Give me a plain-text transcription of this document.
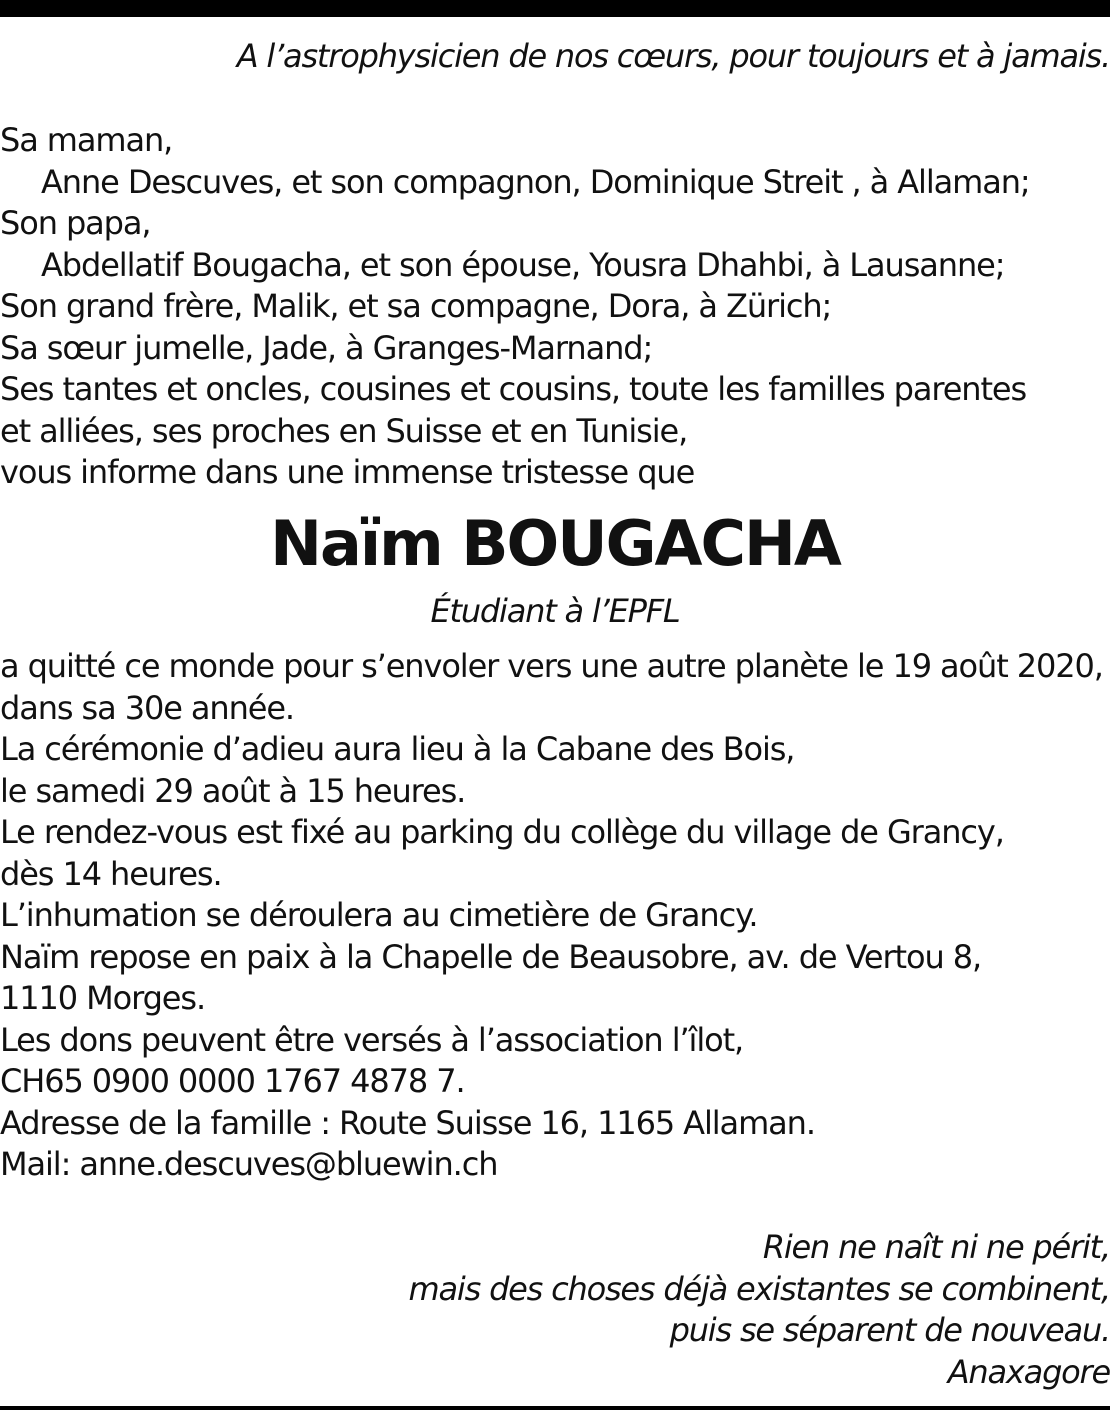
A l’astrophysicien de nos cœurs, pour toujours et à jamais.
Sa maman,
Anne Descuves, et son compagnon, Dominique Streit , à Allaman;
Son papa,
Abdellatif Bougacha, et son épouse, Yousra Dhahbi, à Lausanne;
Son grand frère, Malik, et sa compagne, Dora, à Zürich;
Sa sœur jumelle, Jade, à Granges-Marnand;
Ses tantes et oncles, cousines et cousins, toute les familles parentes
et alliées, ses proches en Suisse et en Tunisie,
vous informe dans une immense tristesse que
Naïm BOUGACHA
Étudiant à l’EPFL
a quitté ce monde pour s’envoler vers une autre planète le 19 août 2020,
dans sa 30e année.
La cérémonie d’adieu aura lieu à la Cabane des Bois,
le samedi 29 août à 15 heures.
Le rendez-vous est fixé au parking du collège du village de Grancy,
dès 14 heures.
L’inhumation se déroulera au cimetière de Grancy.
Naïm repose en paix à la Chapelle de Beausobre, av. de Vertou 8,
1110 Morges.
Les dons peuvent être versés à l’association l’îlot,
CH65 0900 0000 1767 4878 7.
Adresse de la famille : Route Suisse 16, 1165 Allaman.
Mail: anne.descuves@bluewin.ch
Rien ne naît ni ne périt,
mais des choses déjà existantes se combinent,
puis se séparent de nouveau.
Anaxagore
